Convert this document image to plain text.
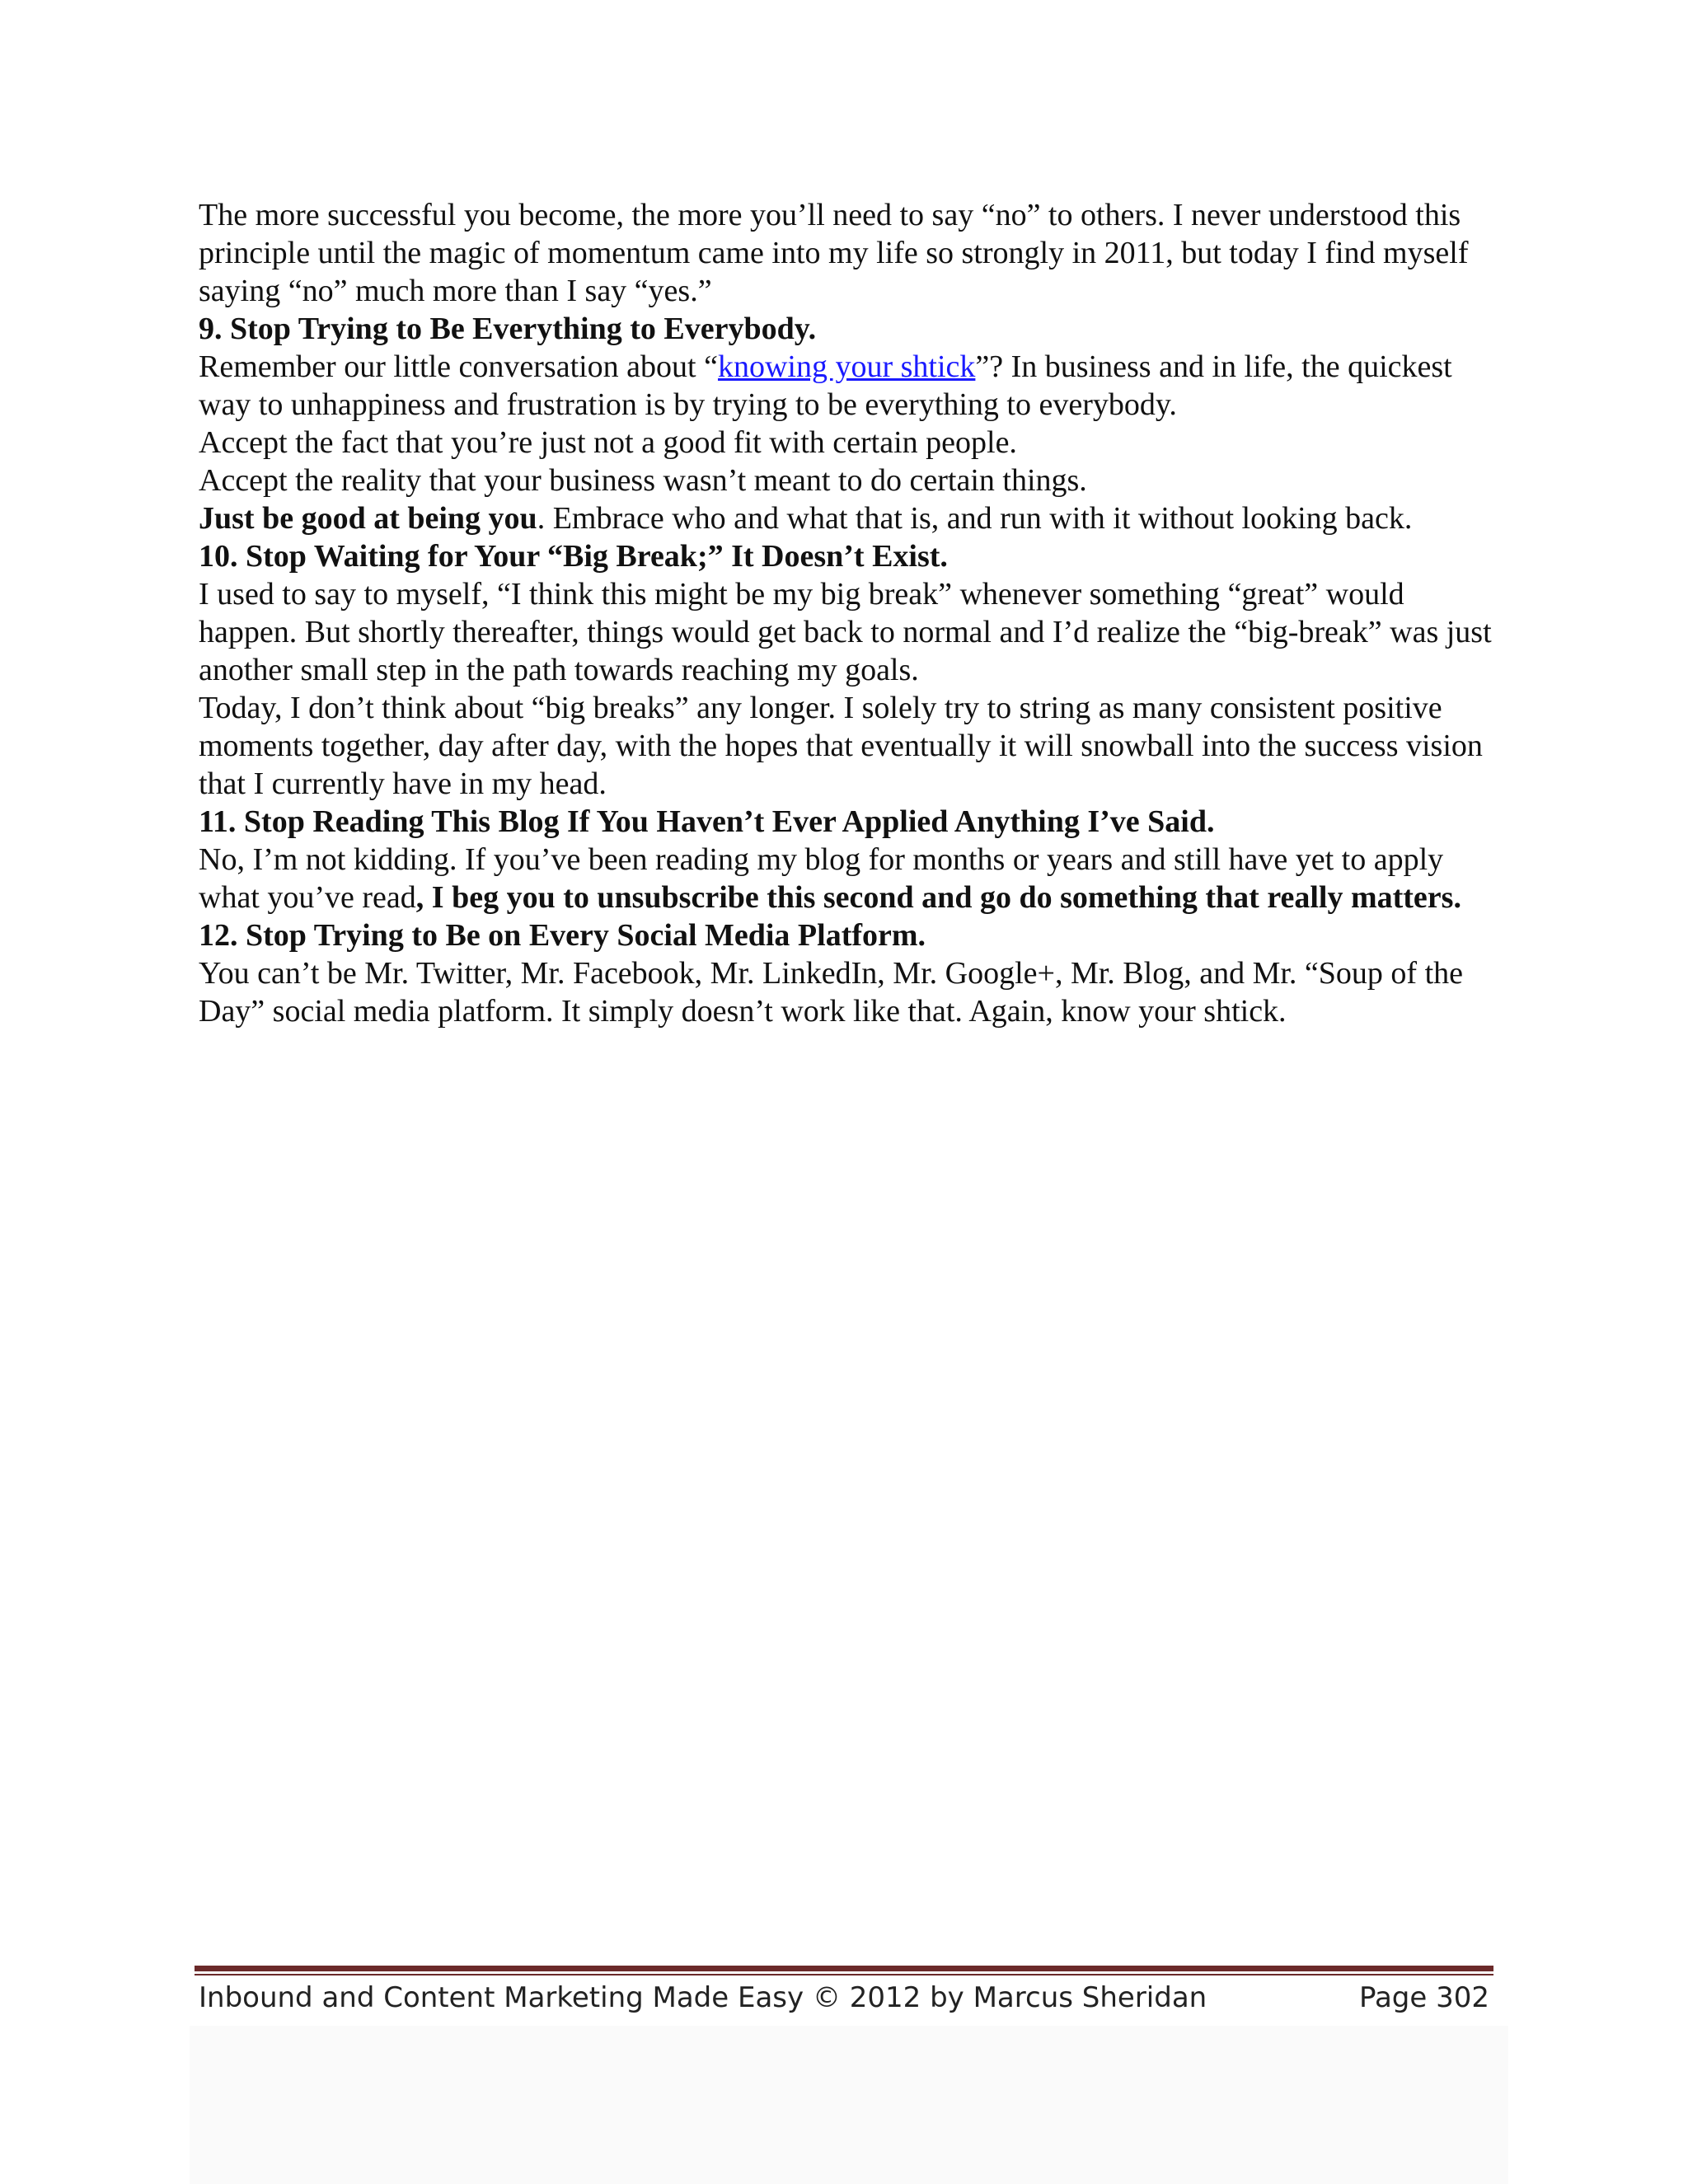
The more successful you become, the more you’ll need to say “no” to others. I never understood this principle until the magic of momentum came into my life so strongly in 2011, but today I find myself saying “no” much more than I say “yes.”

9. Stop Trying to Be Everything to Everybody.

Remember our little conversation about “knowing your shtick”? In business and in life, the quickest way to unhappiness and frustration is by trying to be everything to everybody.

Accept the fact that you’re just not a good fit with certain people.

Accept the reality that your business wasn’t meant to do certain things.

Just be good at being you. Embrace who and what that is, and run with it without looking back.

10. Stop Waiting for Your “Big Break;” It Doesn’t Exist.

I used to say to myself, “I think this might be my big break” whenever something “great” would happen. But shortly thereafter, things would get back to normal and I’d realize the “big-break” was just another small step in the path towards reaching my goals.

Today, I don’t think about “big breaks” any longer. I solely try to string as many consistent positive moments together, day after day, with the hopes that eventually it will snowball into the success vision that I currently have in my head.

11. Stop Reading This Blog If You Haven’t Ever Applied Anything I’ve Said.

No, I’m not kidding. If you’ve been reading my blog for months or years and still have yet to apply what you’ve read, I beg you to unsubscribe this second and go do something that really matters.

12. Stop Trying to Be on Every Social Media Platform.

You can’t be Mr. Twitter, Mr. Facebook, Mr. LinkedIn, Mr. Google+, Mr. Blog, and Mr. “Soup of the Day” social media platform. It simply doesn’t work like that. Again, know your shtick.

Inbound and Content Marketing Made Easy © 2012 by Marcus Sheridan	Page 302
